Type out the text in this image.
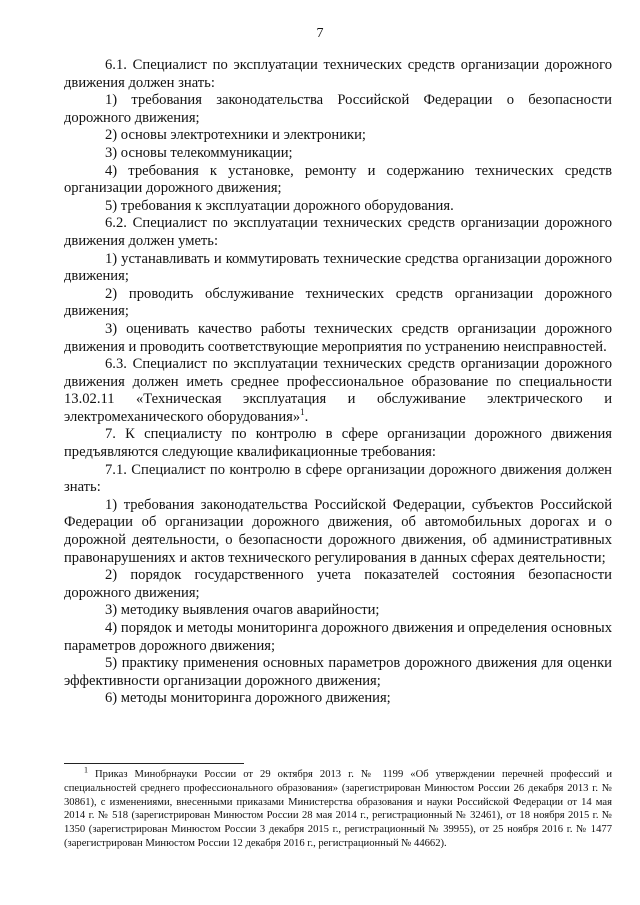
7

6.1. Специалист по эксплуатации технических средств организации дорожного движения должен знать:

1) требования законодательства Российской Федерации о безопасности дорожного движения;

2) основы электротехники и электроники;

3) основы телекоммуникации;

4) требования к установке, ремонту и содержанию технических средств организации дорожного движения;

5) требования к эксплуатации дорожного оборудования.

6.2. Специалист по эксплуатации технических средств организации дорожного движения должен уметь:

1) устанавливать и коммутировать технические средства организации дорожного движения;

2) проводить обслуживание технических средств организации дорожного движения;

3) оценивать качество работы технических средств организации дорожного движения и проводить соответствующие мероприятия по устранению неисправностей.

6.3. Специалист по эксплуатации технических средств организации дорожного движения должен иметь среднее профессиональное образование по специальности 13.02.11 «Техническая эксплуатация и обслуживание электрического и электромеханического оборудования»$^1$.

7. К специалисту по контролю в сфере организации дорожного движения предъявляются следующие квалификационные требования:

7.1. Специалист по контролю в сфере организации дорожного движения должен знать:

1) требования законодательства Российской Федерации, субъектов Российской Федерации об организации дорожного движения, об автомобильных дорогах и о дорожной деятельности, о безопасности дорожного движения, об административных правонарушениях и актов технического регулирования в данных сферах деятельности;

2) порядок государственного учета показателей состояния безопасности дорожного движения;

3) методику выявления очагов аварийности;

4) порядок и методы мониторинга дорожного движения и определения основных параметров дорожного движения;

5) практику применения основных параметров дорожного движения для оценки эффективности организации дорожного движения;

6) методы мониторинга дорожного движения;

$^1$ Приказ Минобрнауки России от 29 октября 2013 г. № 1199 «Об утверждении перечней профессий и специальностей среднего профессионального образования» (зарегистрирован Минюстом России 26 декабря 2013 г. № 30861), с изменениями, внесенными приказами Министерства образования и науки Российской Федерации от 14 мая 2014 г. № 518 (зарегистрирован Минюстом России 28 мая 2014 г., регистрационный № 32461), от 18 ноября 2015 г. № 1350 (зарегистрирован Минюстом России 3 декабря 2015 г., регистрационный № 39955), от 25 ноября 2016 г. № 1477 (зарегистрирован Минюстом России 12 декабря 2016 г., регистрационный № 44662).
